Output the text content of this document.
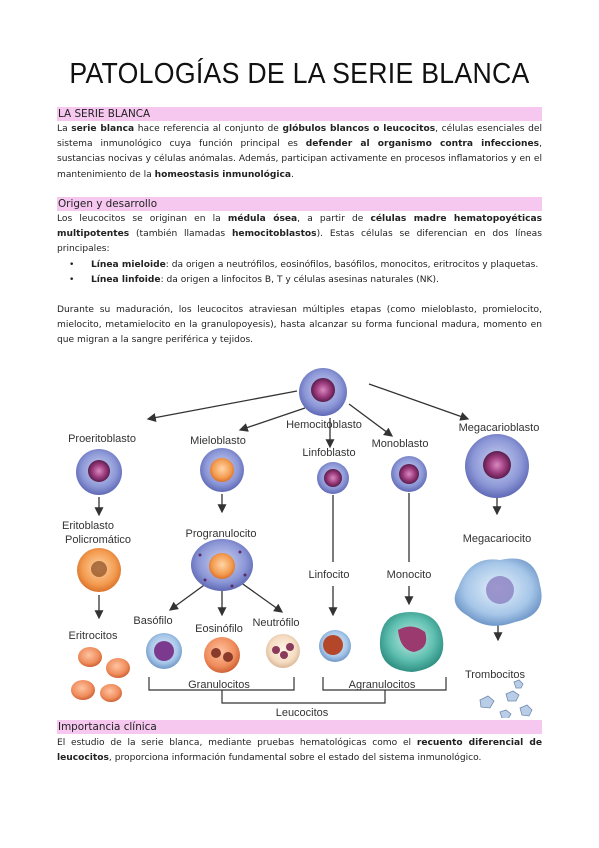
PATOLOGÍAS DE LA SERIE BLANCA
LA SERIE BLANCA
La serie blanca hace referencia al conjunto de glóbulos blancos o leucocitos, células esenciales del sistema inmunológico cuya función principal es defender al organismo contra infecciones, sustancias nocivas y células anómalas. Además, participan activamente en procesos inflamatorios y en el mantenimiento de la homeostasis inmunológica.
Origen y desarrollo
Los leucocitos se originan en la médula ósea, a partir de células madre hematopoyéticas multipotentes (también llamadas hemocitoblastos). Estas células se diferencian en dos líneas principales:
• Línea mieloide: da origen a neutrófilos, eosinófilos, basófilos, monocitos, eritrocitos y plaquetas.
• Línea linfoide: da origen a linfocitos B, T y células asesinas naturales (NK).
Durante su maduración, los leucocitos atraviesan múltiples etapas (como mieloblasto, promielocito, mielocito, metamielocito en la granulopoyesis), hasta alcanzar su forma funcional madura, momento en que migran a la sangre periférica y tejidos.
Hemocitoblasto
Proeritoblasto	Mieloblasto
Linfoblasto
Monoblasto
Megacarioblasto
Eritoblasto
Policromático	Progranulocito	Megacariocito
Linfocito	Monocito
Basófilo
Eosinófilo Neutrófilo
Eritrocitos
Trombocitos
Granulocitos	Agranulocitos
Leucocitos
Importancia clínica
El estudio de la serie blanca, mediante pruebas hematológicas como el recuento diferencial de leucocitos, proporciona información fundamental sobre el estado del sistema inmunológico.
